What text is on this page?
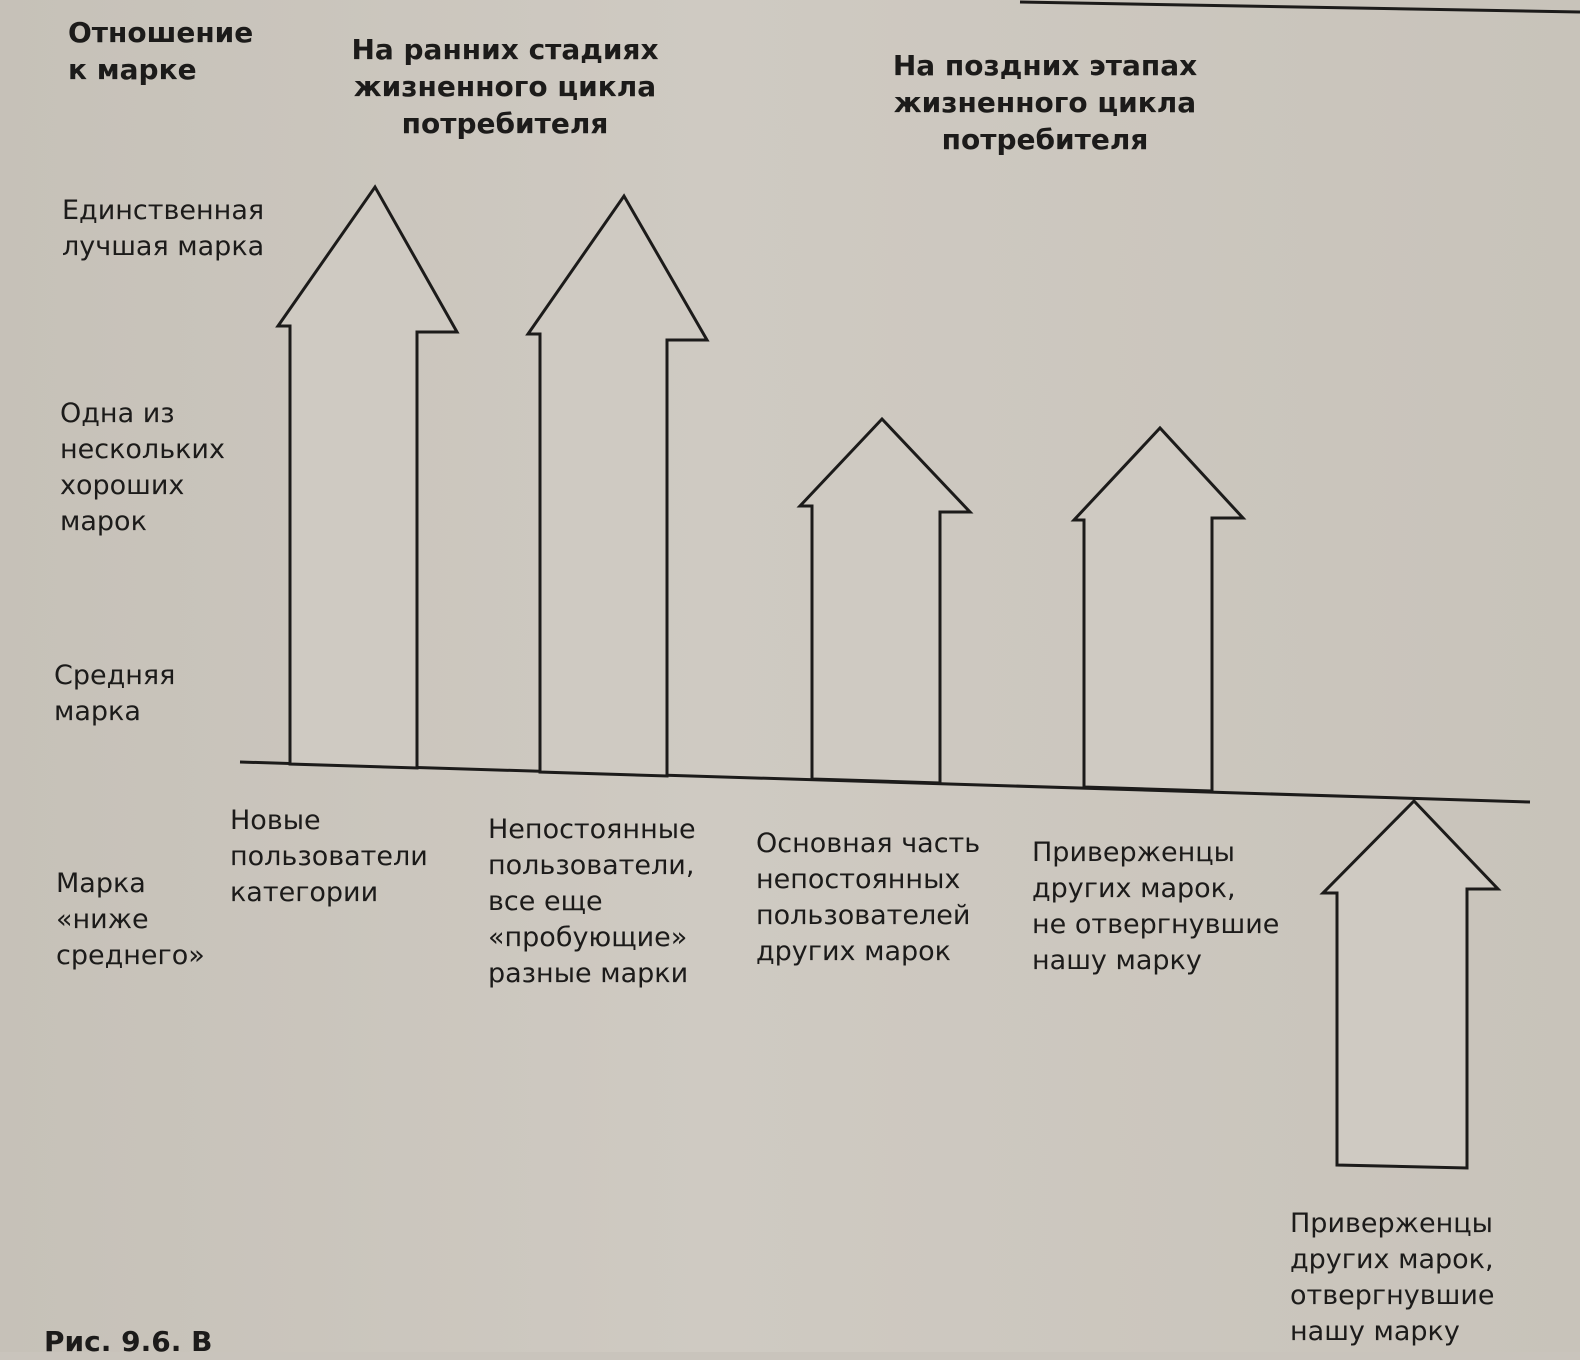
Отношение
к марке
На ранних стадиях
жизненного цикла
потребителя
На поздних этапах
жизненного цикла
потребителя
Единственная
лучшая марка
Одна из
нескольких
хороших
марок
Средняя
марка
Марка
«ниже
среднего»
Новые
пользователи
категории
Непостоянные
пользователи,
все еще
«пробующие»
разные марки
Основная часть
непостоянных
пользователей
других марок
Приверженцы
других марок,
не отвергнувшие
нашу марку
Приверженцы
других марок,
отвергнувшие
нашу марку
Рис. 9.6. В
